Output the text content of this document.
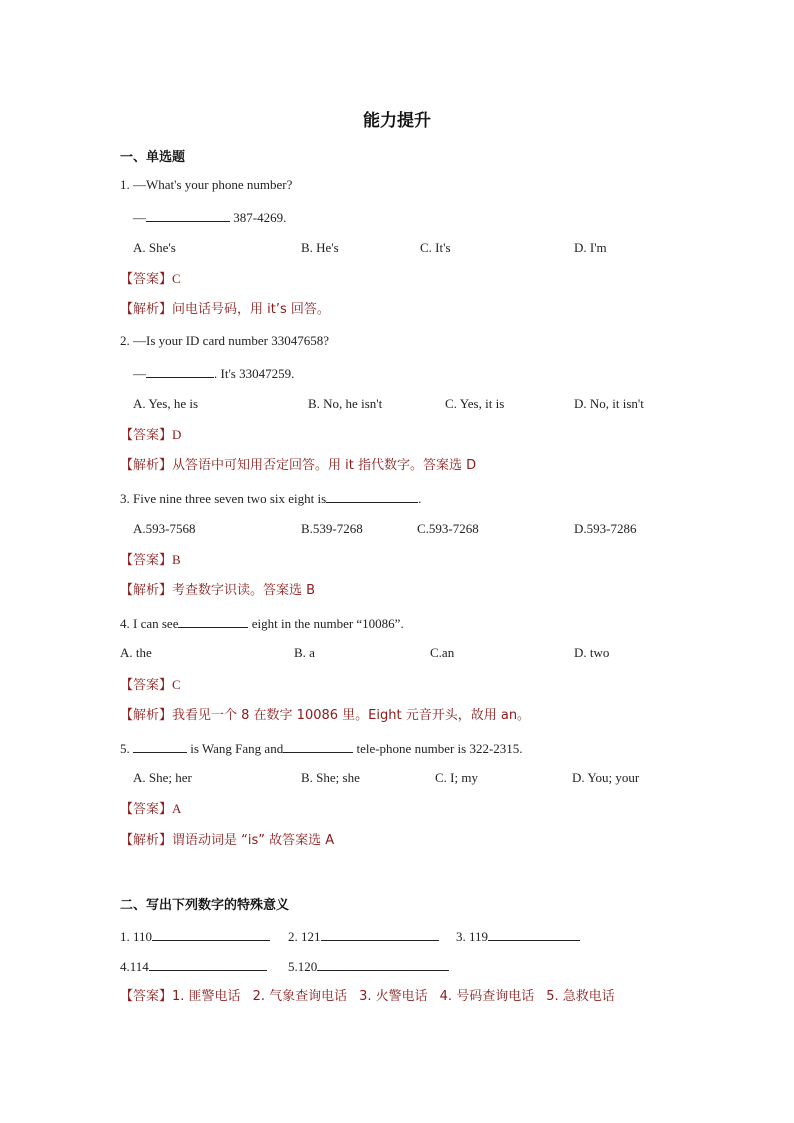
能力提升
一、单选题
1. —What's your phone number?
—	387-4269.
A. She's	B. He's	C. It's	D. I'm
【答案】C
【解析】问电话号码，用 it’s 回答。
2. —Is your ID card number 33047658?
—	. It's 33047259.
A. Yes, he is	B. No, he isn't	C. Yes, it is	D. No, it isn't
【答案】D
【解析】从答语中可知用否定回答。用 it 指代数字。答案选 D
3. Five nine three seven two six eight is	.
A.593-7568	B.539-7268	C.593-7268	D.593-7286
【答案】B
【解析】考查数字识读。答案选 B
4. I can see	eight in the number “10086”.
A. the	B. a	C.an	D. two
【答案】C
【解析】我看见一个 8 在数字 10086 里。Eight 元音开头，故用 an。
5.	is Wang Fang and	tele-phone number is 322-2315.
A. She; her	B. She; she	C. I; my	D. You; your
【答案】A
【解析】谓语动词是 “is” 故答案选 A
二、写出下列数字的特殊意义
1. 110	2. 121	3. 119
4.114	5.120
【答案】1. 匪警电话 2. 气象查询电话 3. 火警电话 4. 号码查询电话 5. 急救电话
